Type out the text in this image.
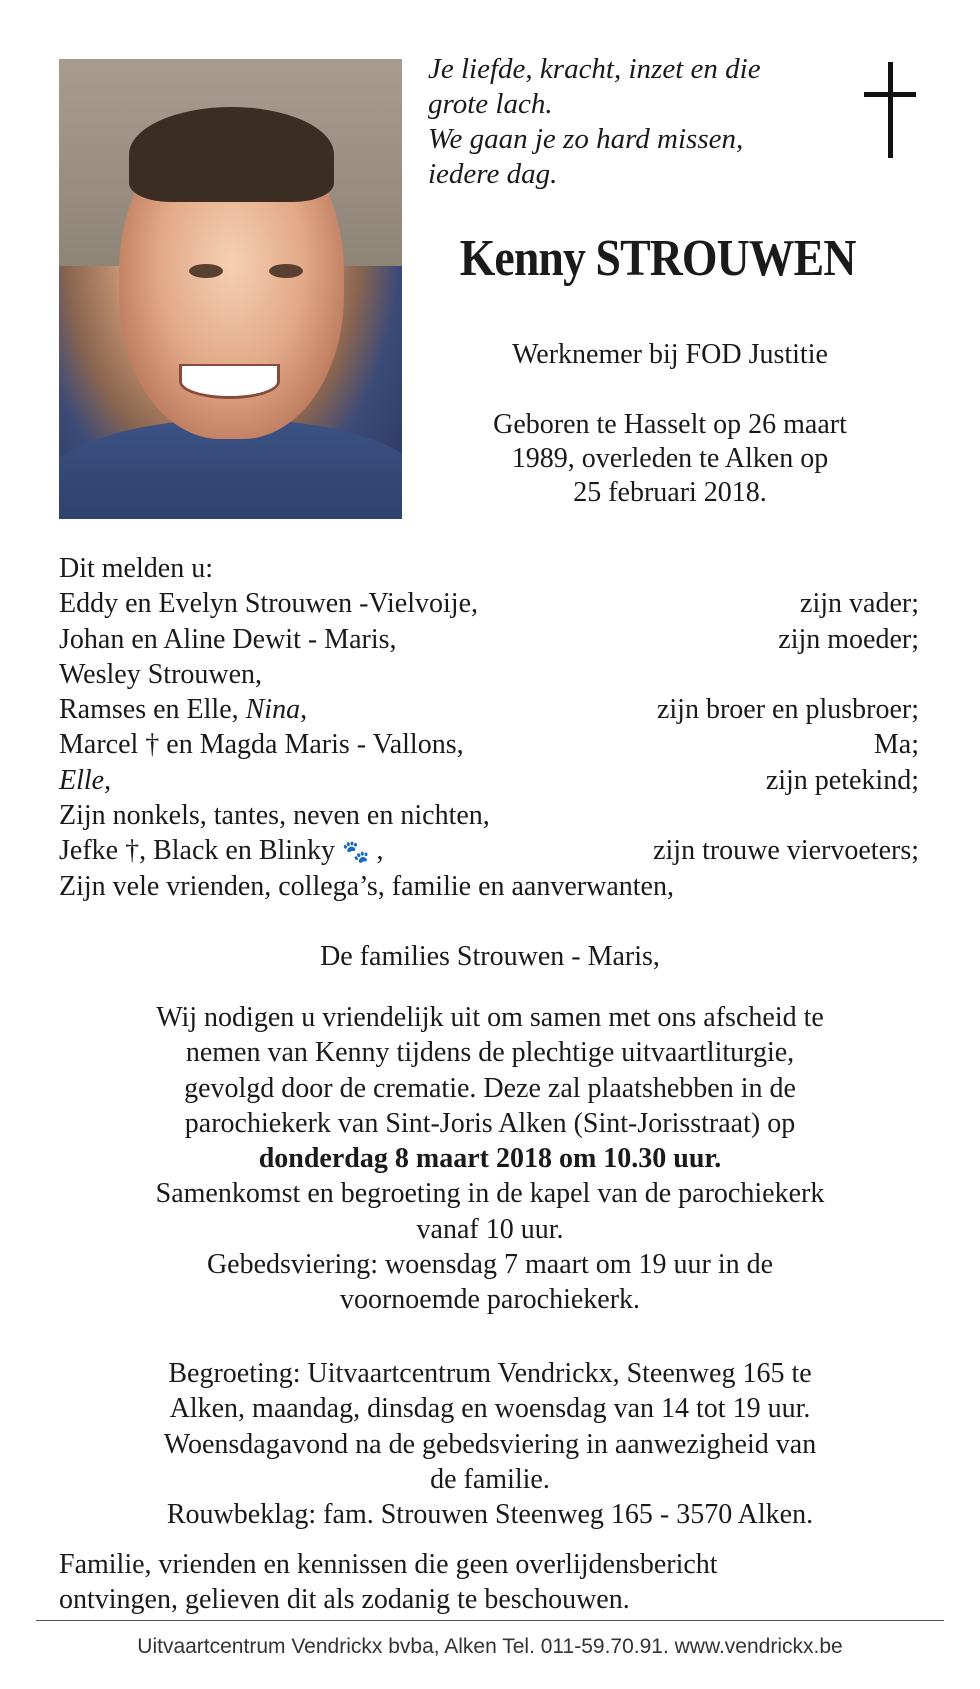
Je liefde, kracht, inzet en die
grote lach.
We gaan je zo hard missen,
iedere dag.
Kenny STROUWEN
Werknemer bij FOD Justitie
Geboren te Hasselt op 26 maart
1989, overleden te Alken op
25 februari 2018.
Dit melden u:
Eddy en Evelyn Strouwen -Vielvoije,	zijn vader;
Johan en Aline Dewit - Maris,	zijn moeder;
Wesley Strouwen,
Ramses en Elle, Nina,	zijn broer en plusbroer;
Marcel † en Magda Maris - Vallons,	Ma;
Elle,	zijn petekind;
Zijn nonkels, tantes, neven en nichten,
Jefke †, Black en Blinky 🐾 ,	zijn trouwe viervoeters;
Zijn vele vrienden, collega’s, familie en aanverwanten,
De families Strouwen - Maris,
Wij nodigen u vriendelijk uit om samen met ons afscheid te
nemen van Kenny tijdens de plechtige uitvaartliturgie,
gevolgd door de crematie. Deze zal plaatshebben in de
parochiekerk van Sint-Joris Alken (Sint-Jorisstraat) op
donderdag 8 maart 2018 om 10.30 uur.
Samenkomst en begroeting in de kapel van de parochiekerk
vanaf 10 uur.
Gebedsviering: woensdag 7 maart om 19 uur in de
voornoemde parochiekerk.
Begroeting: Uitvaartcentrum Vendrickx, Steenweg 165 te
Alken, maandag, dinsdag en woensdag van 14 tot 19 uur.
Woensdagavond na de gebedsviering in aanwezigheid van
de familie.
Rouwbeklag: fam. Strouwen Steenweg 165 - 3570 Alken.
Familie, vrienden en kennissen die geen overlijdensbericht
ontvingen, gelieven dit als zodanig te beschouwen.
Uitvaartcentrum Vendrickx bvba, Alken Tel. 011-59.70.91. www.vendrickx.be
